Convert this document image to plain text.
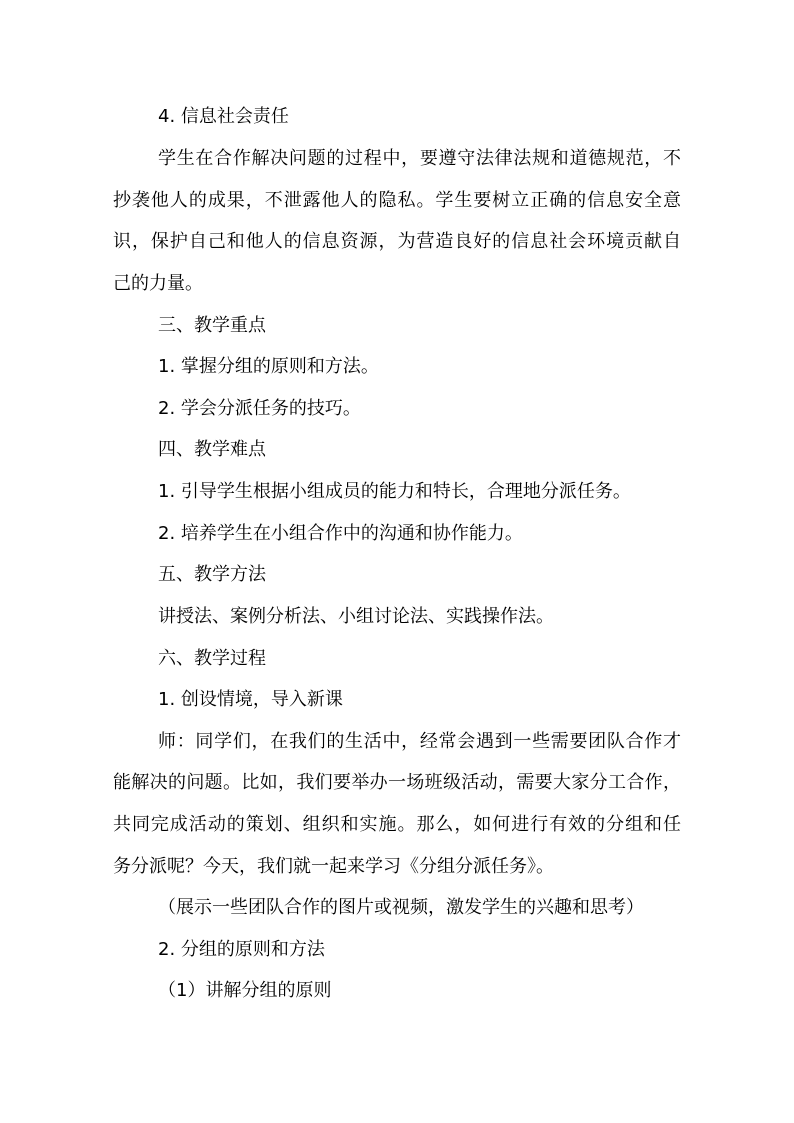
4. 信息社会责任
学生在合作解决问题的过程中，要遵守法律法规和道德规范，不
抄袭他人的成果，不泄露他人的隐私。学生要树立正确的信息安全意
识，保护自己和他人的信息资源，为营造良好的信息社会环境贡献自
己的力量。
三、教学重点
1. 掌握分组的原则和方法。
2. 学会分派任务的技巧。
四、教学难点
1. 引导学生根据小组成员的能力和特长，合理地分派任务。
2. 培养学生在小组合作中的沟通和协作能力。
五、教学方法
讲授法、案例分析法、小组讨论法、实践操作法。
六、教学过程
1. 创设情境，导入新课
师：同学们，在我们的生活中，经常会遇到一些需要团队合作才
能解决的问题。比如，我们要举办一场班级活动，需要大家分工合作，
共同完成活动的策划、组织和实施。那么，如何进行有效的分组和任
务分派呢？今天，我们就一起来学习《分组分派任务》。
（展示一些团队合作的图片或视频，激发学生的兴趣和思考）
2. 分组的原则和方法
（1）讲解分组的原则
